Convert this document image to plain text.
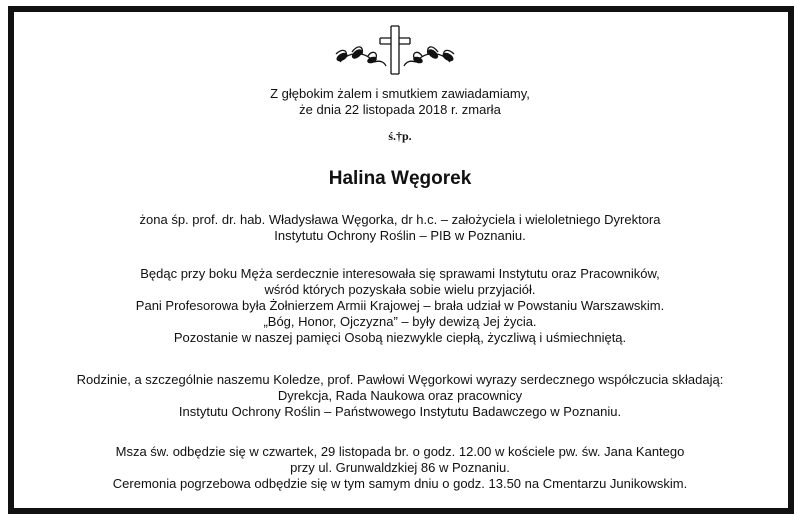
Z głębokim żalem i smutkiem zawiadamiamy,
że dnia 22 listopada 2018 r. zmarła
ś.†p.
Halina Węgorek
żona śp. prof. dr. hab. Władysława Węgorka, dr h.c. – założyciela i wieloletniego Dyrektora
Instytutu Ochrony Roślin – PIB w Poznaniu.
Będąc przy boku Męża serdecznie interesowała się sprawami Instytutu oraz Pracowników,
wśród których pozyskała sobie wielu przyjaciół.
Pani Profesorowa była Żołnierzem Armii Krajowej – brała udział w Powstaniu Warszawskim.
„Bóg, Honor, Ojczyzna” – były dewizą Jej życia.
Pozostanie w naszej pamięci Osobą niezwykle ciepłą, życzliwą i uśmiechniętą.
Rodzinie, a szczególnie naszemu Koledze, prof. Pawłowi Węgorkowi wyrazy serdecznego współczucia składają:
Dyrekcja, Rada Naukowa oraz pracownicy
Instytutu Ochrony Roślin – Państwowego Instytutu Badawczego w Poznaniu.
Msza św. odbędzie się w czwartek, 29 listopada br. o godz. 12.00 w kościele pw. św. Jana Kantego
przy ul. Grunwaldzkiej 86 w Poznaniu.
Ceremonia pogrzebowa odbędzie się w tym samym dniu o godz. 13.50 na Cmentarzu Junikowskim.
